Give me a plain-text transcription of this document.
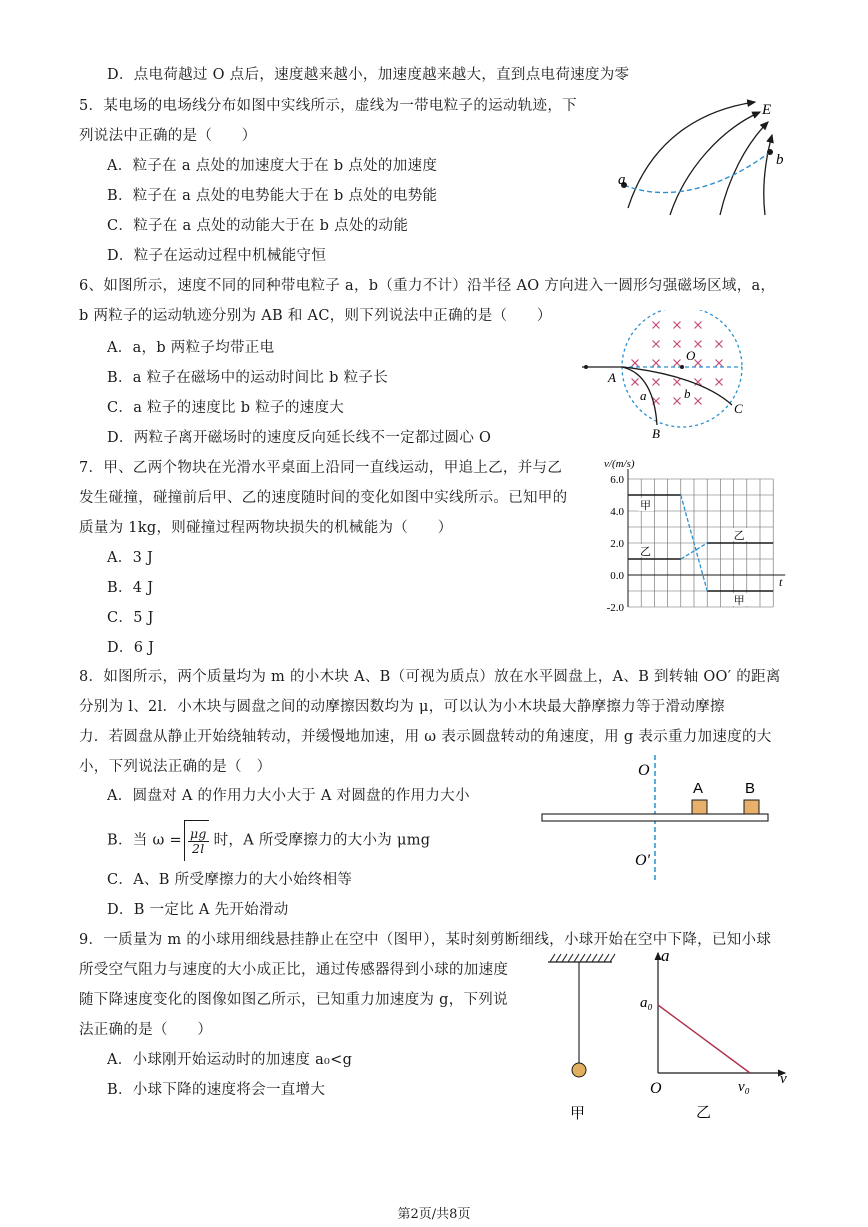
D．点电荷越过 O 点后，速度越来越小，加速度越来越大，直到点电荷速度为零
5．某电场的电场线分布如图中实线所示，虚线为一带电粒子的运动轨迹，下
列说法中正确的是（　　）
A．粒子在 a 点处的加速度大于在 b 点处的加速度
B．粒子在 a 点处的电势能大于在 b 点处的电势能
C．粒子在 a 点处的动能大于在 b 点处的动能
D．粒子在运动过程中机械能守恒
E
a
b
6、如图所示，速度不同的同种带电粒子 a，b（重力不计）沿半径 AO 方向进入一圆形匀强磁场区域，a，
b 两粒子的运动轨迹分别为 AB 和 AC，则下列说法中正确的是（　　）
A．a，b 两粒子均带正电
B．a 粒子在磁场中的运动时间比 b 粒子长
C．a 粒子的速度比 b 粒子的速度大
D．两粒子离开磁场时的速度反向延长线不一定都过圆心 O
O
A
B
C
a	b
7．甲、乙两个物块在光滑水平桌面上沿同一直线运动，甲追上乙，并与乙
发生碰撞，碰撞前后甲、乙的速度随时间的变化如图中实线所示。已知甲的
质量为 1kg，则碰撞过程两物块损失的机械能为（　　）
A．3 J
B．4 J
C．5 J
D．6 J
v/(m/s)
t
6.0
4.0
2.0
0.0
-2.0
甲
乙
乙
甲
8．如图所示，两个质量均为 m 的小木块 A、B（可视为质点）放在水平圆盘上，A、B 到转轴 OO′ 的距离
分别为 l、2l．小木块与圆盘之间的动摩擦因数均为 μ，可以认为小木块最大静摩擦力等于滑动摩擦
力．若圆盘从静止开始绕轴转动，并缓慢地加速，用 ω 表示圆盘转动的角速度，用 g 表示重力加速度的大
小，下列说法正确的是（　）
A．圆盘对 A 的作用力大小大于 A 对圆盘的作用力大小
B．当 $\omega = \frac{\mu g}{2l}$ 时，A 所受摩擦力的大小为 μmg
C．A、B 所受摩擦力的大小始终相等
D．B 一定比 A 先开始滑动
O
O′
A	B
9．一质量为 m 的小球用细线悬挂静止在空中（图甲），某时刻剪断细线，小球开始在空中下降，已知小球
所受空气阻力与速度的大小成正比，通过传感器得到小球的加速度
随下降速度变化的图像如图乙所示，已知重力加速度为 g，下列说
法正确的是（　　）
A．小球刚开始运动时的加速度 a₀<g
B．小球下降的速度将会一直增大
甲
a
a₀
O
v
v₀
乙
第2页/共8页
